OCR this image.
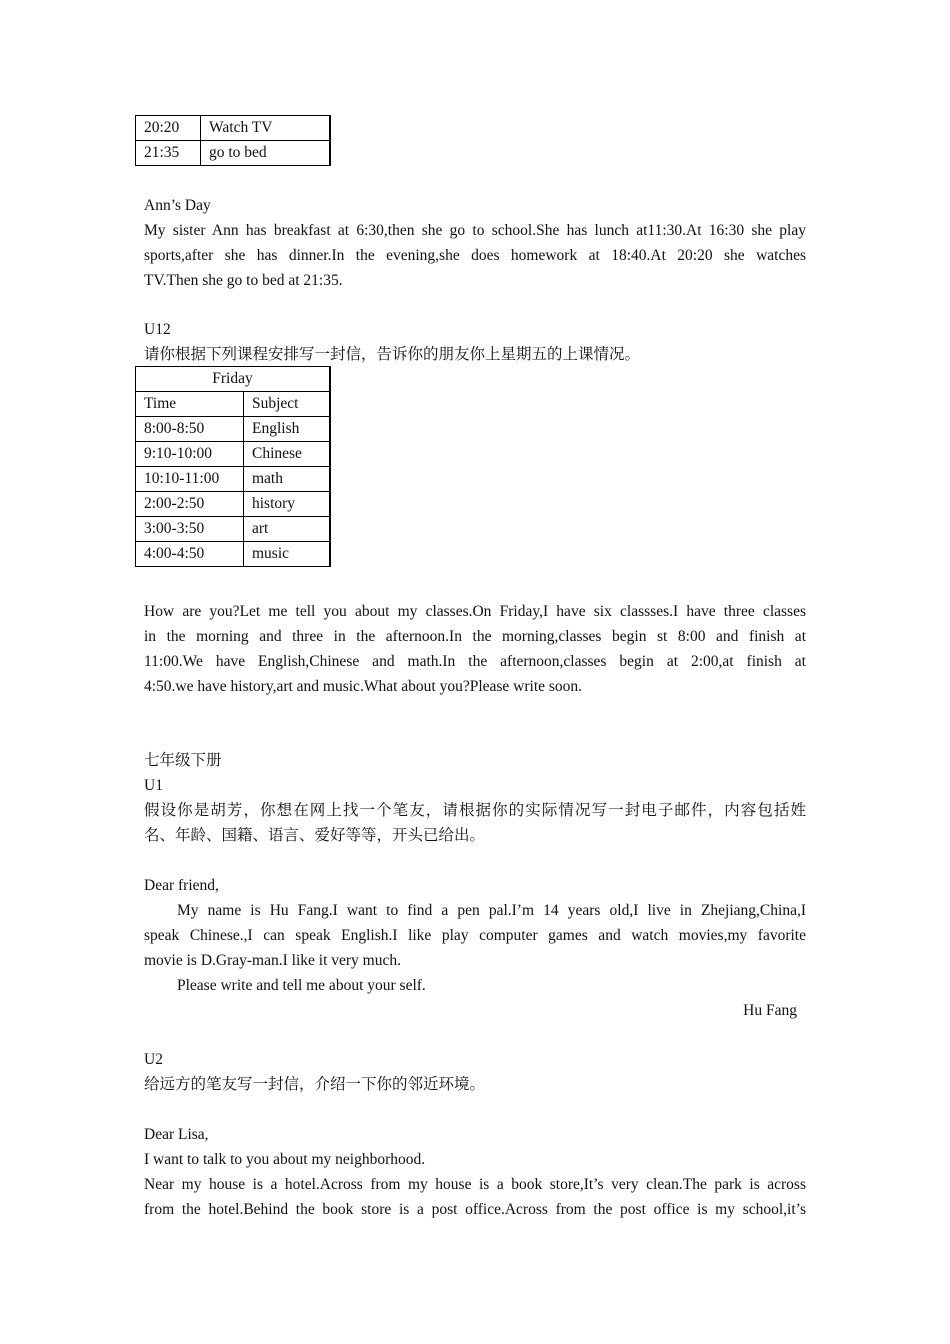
20:20	Watch TV
21:35	go to bed
Ann’s Day
My sister Ann has breakfast at 6:30,then she go to school.She has lunch at11:30.At 16:30 she play
sports,after she has dinner.In the evening,she does homework at 18:40.At 20:20 she watches
TV.Then she go to bed at 21:35.
U12
请你根据下列课程安排写一封信，告诉你的朋友你上星期五的上课情况。
Friday	
Time	Subject
8:00-8:50	English
9:10-10:00	Chinese
10:10-11:00	math
2:00-2:50	history
3:00-3:50	art
4:00-4:50	music
How are you?Let me tell you about my classes.On Friday,I have six classses.I have three classes
in the morning and three in the afternoon.In the morning,classes begin st 8:00 and finish at
11:00.We have English,Chinese and math.In the afternoon,classes begin at 2:00,at finish at
4:50.we have history,art and music.What about you?Please write soon.
七年级下册
U1
假设你是胡芳，你想在网上找一个笔友，请根据你的实际情况写一封电子邮件，内容包括姓
名、年龄、国籍、语言、爱好等等，开头已给出。
Dear friend,
My name is Hu Fang.I want to find a pen pal.I’m 14 years old,I live in Zhejiang,China,I
speak Chinese.,I can speak English.I like play computer games and watch movies,my favorite
movie is D.Gray-man.I like it very much.
Please write and tell me about your self.
Hu Fang
U2
给远方的笔友写一封信，介绍一下你的邻近环境。
Dear Lisa,
I want to talk to you about my neighborhood.
Near my house is a hotel.Across from my house is a book store,It’s very clean.The park is across
from the hotel.Behind the book store is a post office.Across from the post office is my school,it’s
